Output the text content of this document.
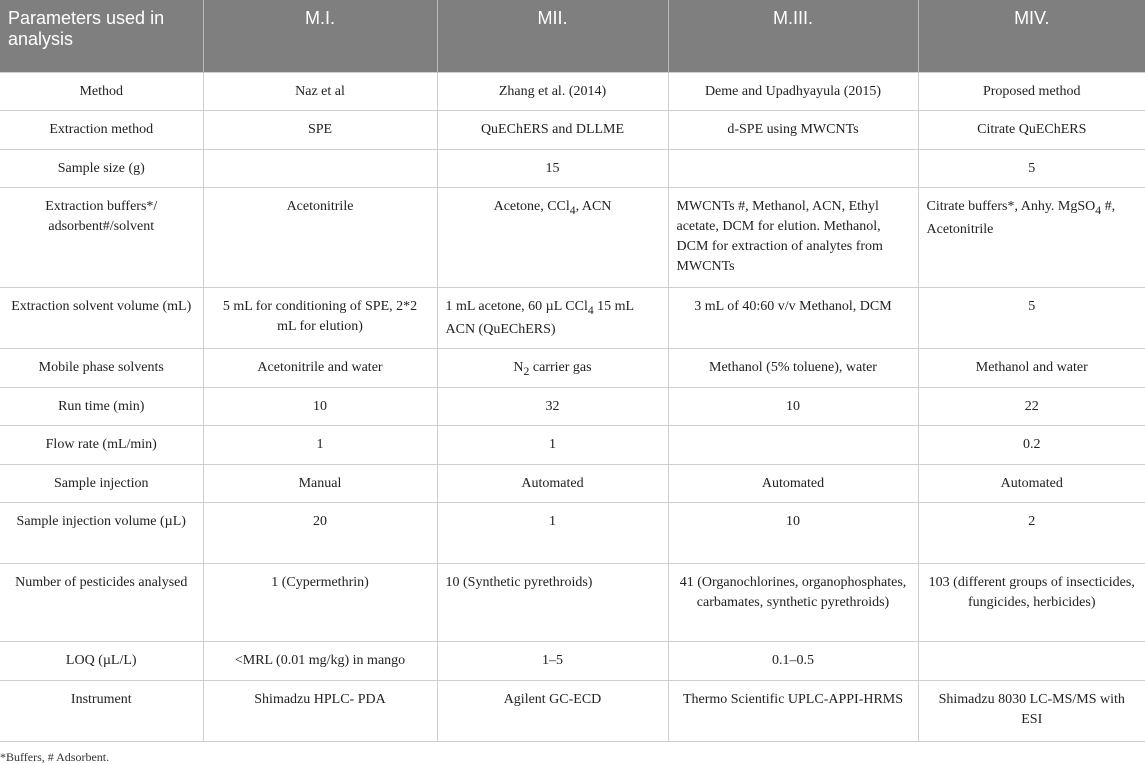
Parameters used in analysis	M.I.	MII.	M.III.	MIV.
Method	Naz et al	Zhang et al. (2014)	Deme and Upadhyayula (2015)	Proposed method
Extraction method	SPE	QuEChERS and DLLME	d-SPE using MWCNTs	Citrate QuEChERS
Sample size (g)		15		5
Extraction buffers*/ adsorbent#/solvent	Acetonitrile	Acetone, CCl$_4$, ACN	MWCNTs #, Methanol, ACN, Ethyl acetate, DCM for elution. Methanol, DCM for extraction of analytes from MWCNTs	Citrate buffers*, Anhy. MgSO$_4$ #, Acetonitrile
Extraction solvent volume (mL)	5 mL for conditioning of SPE, 2*2 mL for elution)	1 mL acetone, 60 µL CCl$_4$ 15 mL ACN (QuEChERS)	3 mL of 40:60 v/v Methanol, DCM	5
Mobile phase solvents	Acetonitrile and water	$N_2$ carrier gas	Methanol (5% toluene), water	Methanol and water
Run time (min)	10	32	10	22
Flow rate (mL/min)	1	1		0.2
Sample injection	Manual	Automated	Automated	Automated
Sample injection volume (µL)	20	1	10	2
Number of pesticides analysed	1 (Cypermethrin)	10 (Synthetic pyrethroids)	41 (Organochlorines, organophosphates, carbamates, synthetic pyrethroids)	103 (different groups of insecticides, fungicides, herbicides)
LOQ (µL/L)	<MRL (0.01 mg/kg) in mango	1–5	0.1–0.5	
Instrument	Shimadzu HPLC- PDA	Agilent GC-ECD	Thermo Scientific UPLC-APPI-HRMS	Shimadzu 8030 LC-MS/MS with ESI
*Buffers, # Adsorbent.
